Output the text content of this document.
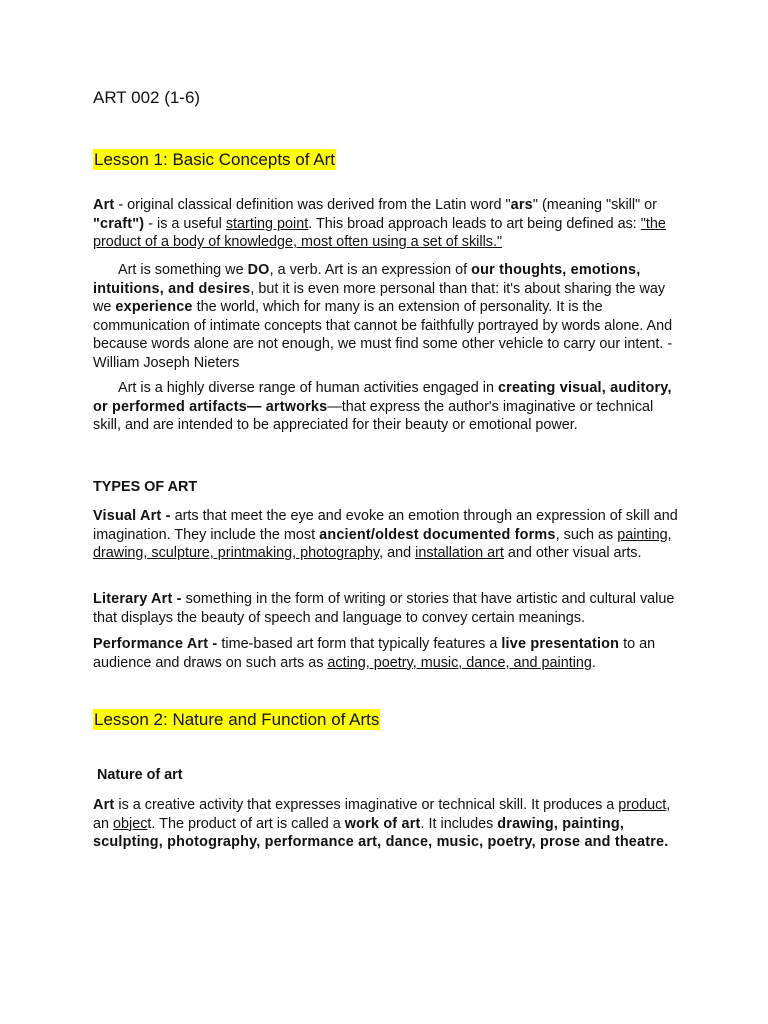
ART 002 (1-6)
Lesson 1: Basic Concepts of Art

Art - original classical definition was derived from the Latin word "ars" (meaning "skill" or "craft") - is a useful starting point. This broad approach leads to art being defined as: "the product of a body of knowledge, most often using a set of skills."

Art is something we DO, a verb. Art is an expression of our thoughts, emotions, intuitions, and desires, but it is even more personal than that: it's about sharing the way we experience the world, which for many is an extension of personality. It is the communication of intimate concepts that cannot be faithfully portrayed by words alone. And because words alone are not enough, we must find some other vehicle to carry our intent. -William Joseph Nieters

Art is a highly diverse range of human activities engaged in creating visual, auditory, or performed artifacts— artworks—that express the author's imaginative or technical skill, and are intended to be appreciated for their beauty or emotional power.

TYPES OF ART

Visual Art - arts that meet the eye and evoke an emotion through an expression of skill and imagination. They include the most ancient/oldest documented forms, such as painting, drawing, sculpture, printmaking, photography, and installation art and other visual arts.

Literary Art - something in the form of writing or stories that have artistic and cultural value that displays the beauty of speech and language to convey certain meanings.

Performance Art - time-based art form that typically features a live presentation to an audience and draws on such arts as acting, poetry, music, dance, and painting.

Lesson 2: Nature and Function of Arts
Nature of art

Art is a creative activity that expresses imaginative or technical skill. It produces a product, an object. The product of art is called a work of art. It includes drawing, painting, sculpting, photography, performance art, dance, music, poetry, prose and theatre.
